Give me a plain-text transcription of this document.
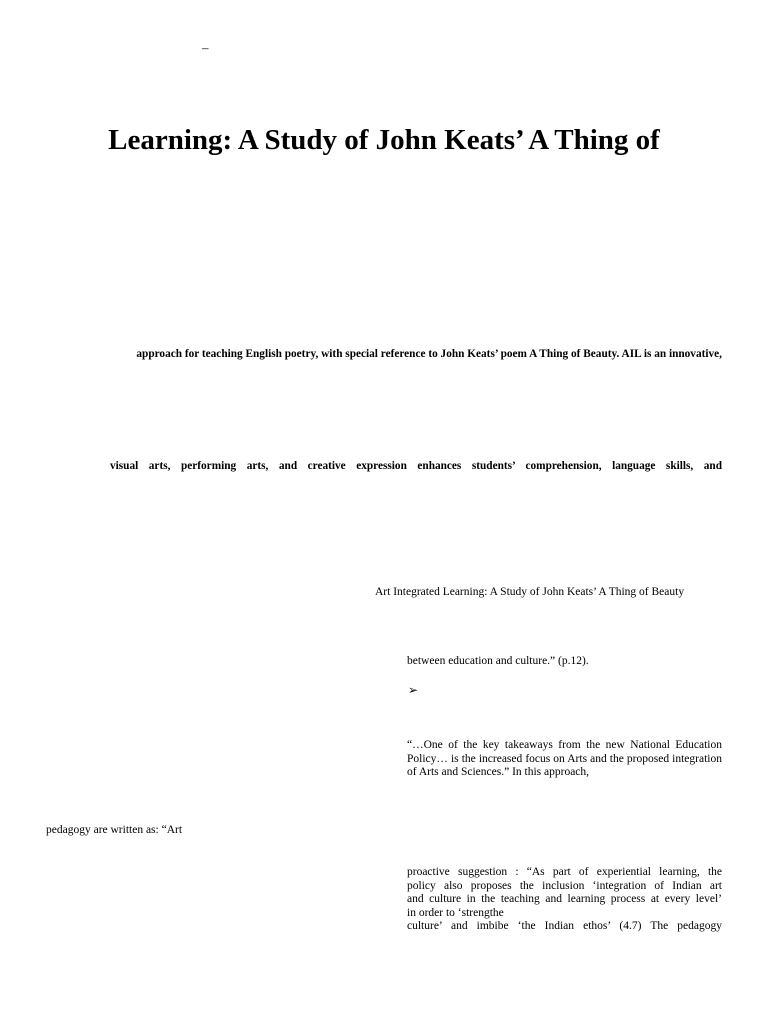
–
Learning: A Study of John Keats’ A Thing of

approach for teaching English poetry, with special reference to John Keats’ poem A Thing of Beauty. AIL is an innovative,

visual arts, performing arts, and creative expression enhances students’ comprehension, language skills, and

Art Integrated Learning: A Study of John Keats’ A Thing of Beauty

between education and culture.” (p.12).

➢

“…One of the key takeaways from the new National Education Policy… is the increased focus on Arts and the proposed integration of Arts and Sciences.” In this approach,

pedagogy are written as: “Art

proactive suggestion : “As part of experiential learning, the
policy also proposes the inclusion ‘integration of Indian art
and culture in the teaching and learning process at every level’
in order to ‘strengthe
culture’ and imbibe ‘the Indian ethos’ (4.7) The pedagogy
